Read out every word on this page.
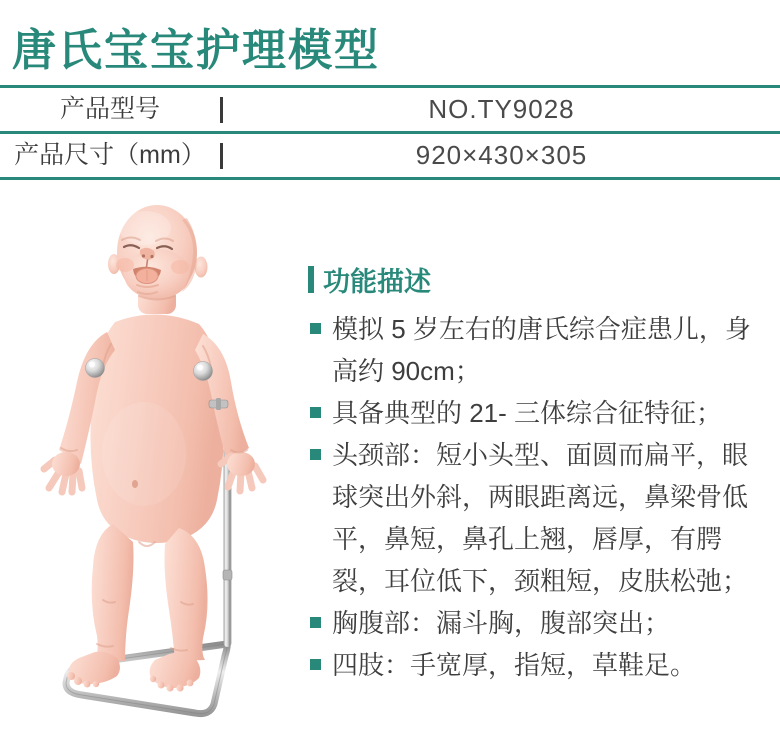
唐氏宝宝护理模型
产品型号	NO.TY9028
产品尺寸（mm）	920×430×305
功能描述
模拟 5 岁左右的唐氏综合症患儿，身高约 90cm；
具备典型的 21- 三体综合征特征；
头颈部：短小头型、面圆而扁平，眼球突出外斜，两眼距离远，鼻梁骨低平，鼻短，鼻孔上翘，唇厚，有腭裂，耳位低下，颈粗短，皮肤松弛；
胸腹部：漏斗胸，腹部突出；
四肢：手宽厚，指短，草鞋足。
